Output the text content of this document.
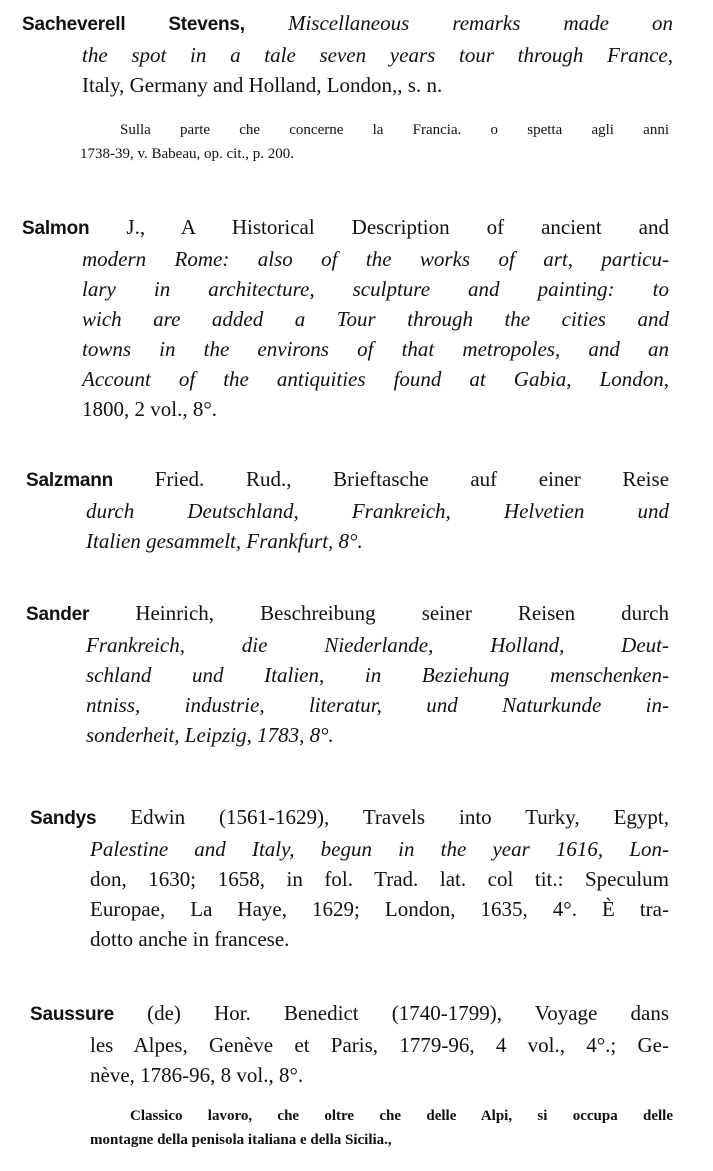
Sacheverell Stevens, Miscellaneous remarks made on
the spot in a tale seven years tour through France,
Italy, Germany and Holland, London,, s. n.
Sulla parte che concerne la Francia. o spetta agli anni
1738-39, v. Babeau, op. cit., p. 200.
Salmon J., A Historical Description of ancient and
modern Rome: also of the works of art, particu-
lary in architecture, sculpture and painting: to
wich are added a Tour through the cities and
towns in the environs of that metropoles, and an
Account of the antiquities found at Gabia, London,
1800, 2 vol., 8°.
Salzmann Fried. Rud., Brieftasche auf einer Reise
durch Deutschland, Frankreich, Helvetien und
Italien gesammelt, Frankfurt, 8°.
Sander Heinrich, Beschreibung seiner Reisen durch
Frankreich, die Niederlande, Holland, Deut-
schland und Italien, in Beziehung menschenken-
ntniss, industrie, literatur, und Naturkunde in-
sonderheit, Leipzig, 1783, 8°.
Sandys Edwin (1561-1629), Travels into Turky, Egypt,
Palestine and Italy, begun in the year 1616, Lon-
don, 1630; 1658, in fol. Trad. lat. col tit.: Speculum
Europae, La Haye, 1629; London, 1635, 4°. È tra-
dotto anche in francese.
Saussure (de) Hor. Benedict (1740-1799), Voyage dans
les Alpes, Genève et Paris, 1779-96, 4 vol., 4°.; Ge-
nève, 1786-96, 8 vol., 8°.
Classico lavoro, che oltre che delle Alpi, si occupa delle
montagne della penisola italiana e della Sicilia.,
